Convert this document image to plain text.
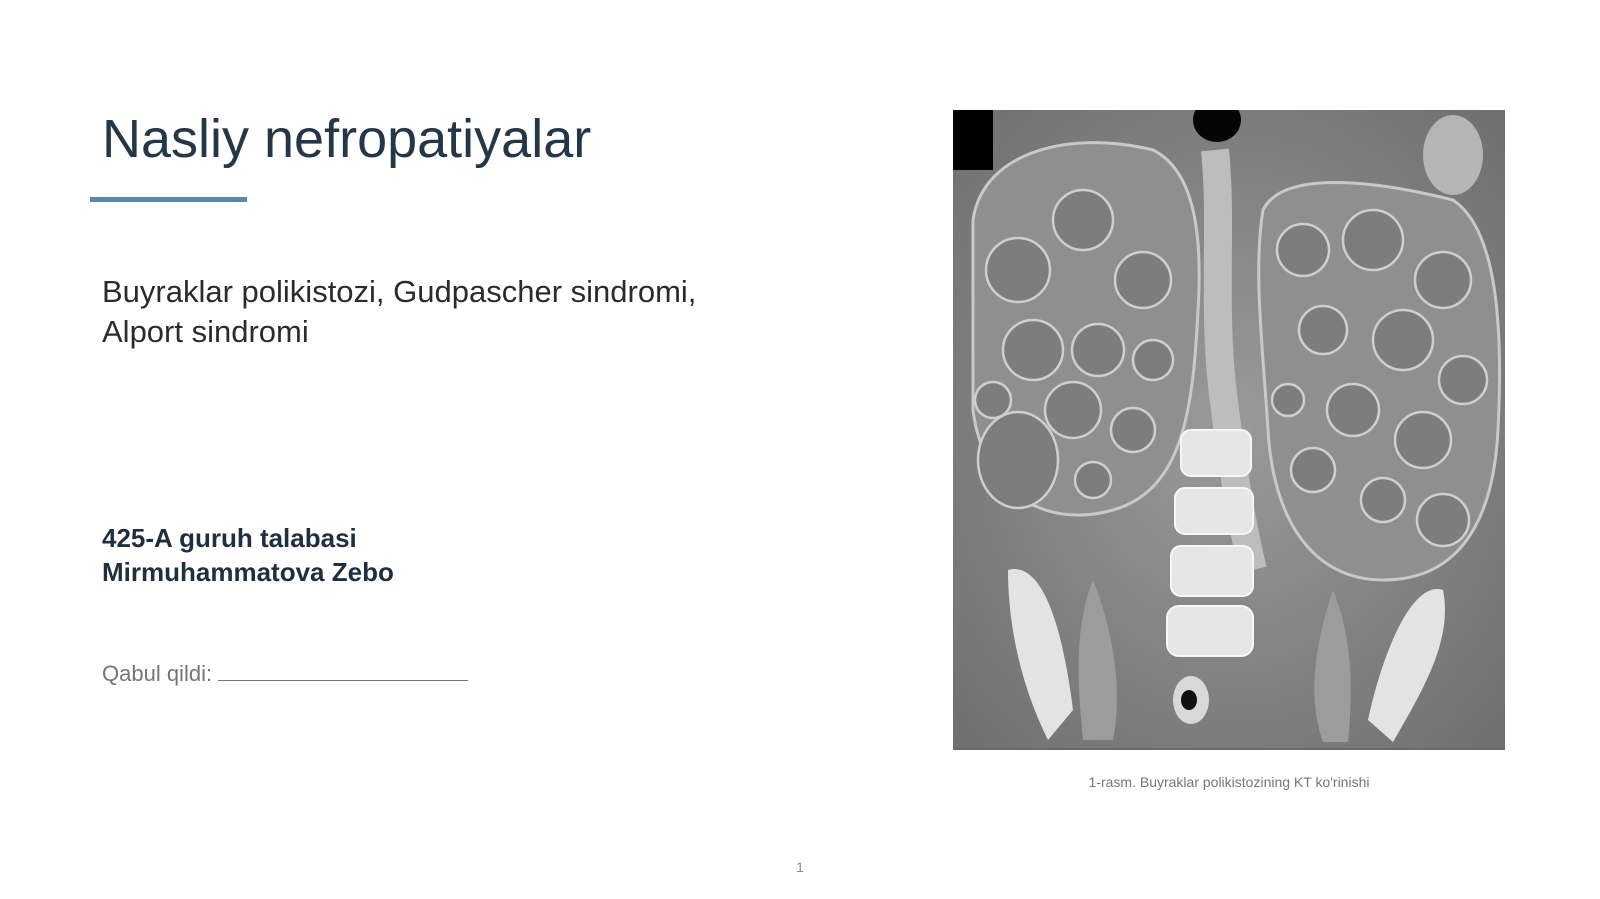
Nasliy nefropatiyalar
Buyraklar polikistozi, Gudpascher sindromi,
Alport sindromi
425-A guruh talabasi
Mirmuhammatova Zebo
Qabul qildi:
1-rasm. Buyraklar polikistozining KT ko'rinishi
1
